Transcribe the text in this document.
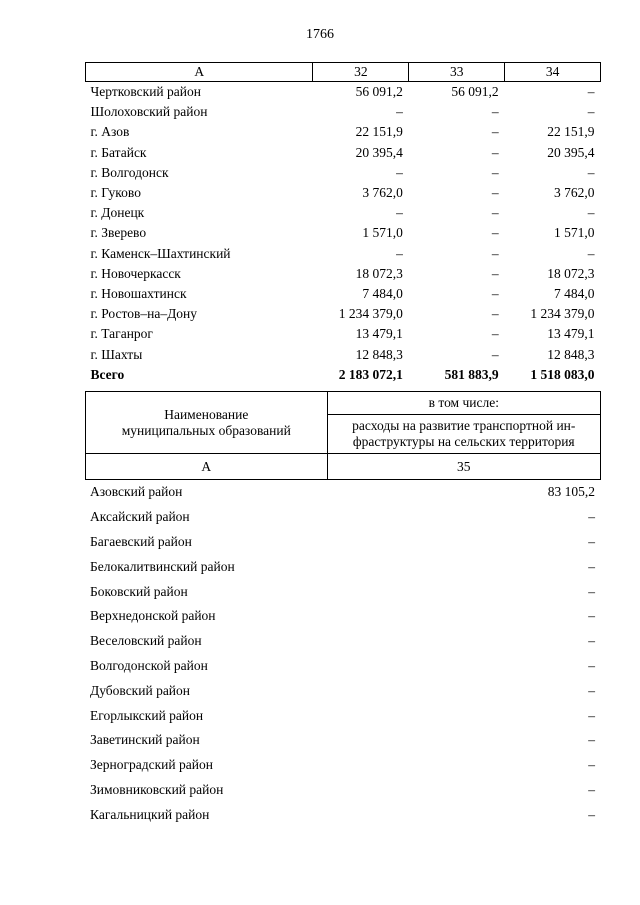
1766
А	32	33	34
Чертковский район	56 091,2	56 091,2	–
Шолоховский район	–	–	–
г. Азов	22 151,9	–	22 151,9
г. Батайск	20 395,4	–	20 395,4
г. Волгодонск	–	–	–
г. Гуково	3 762,0	–	3 762,0
г. Донецк	–	–	–
г. Зверево	1 571,0	–	1 571,0
г. Каменск–Шахтинский	–	–	–
г. Новочеркасск	18 072,3	–	18 072,3
г. Новошахтинск	7 484,0	–	7 484,0
г. Ростов–на–Дону	1 234 379,0	–	1 234 379,0
г. Таганрог	13 479,1	–	13 479,1
г. Шахты	12 848,3	–	12 848,3
Всего	2 183 072,1	581 883,9	1 518 083,0
Наименование
муниципальных образований	в том числе:
	расходы на развитие транспортной ин-
фраструктуры на сельских территория
А	35
Азовский район	83 105,2
Аксайский район	–
Багаевский район	–
Белокалитвинский район	–
Боковский район	–
Верхнедонской район	–
Веселовский район	–
Волгодонской район	–
Дубовский район	–
Егорлыкский район	–
Заветинский район	–
Зерноградский район	–
Зимовниковский район	–
Кагальницкий район	–
